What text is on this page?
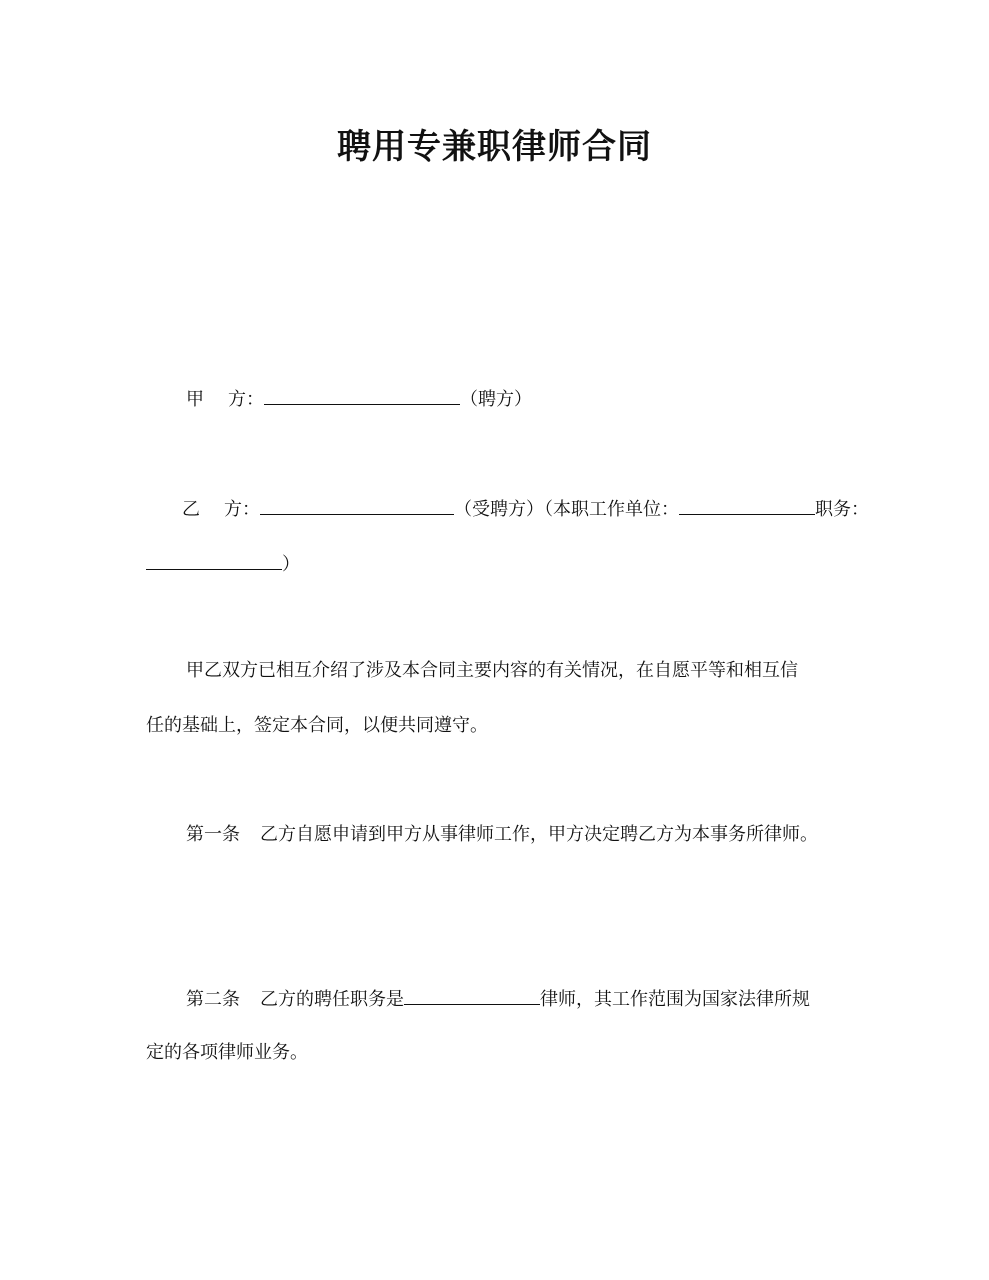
聘用专兼职律师合同
甲 方：	（聘方）
乙 方：	（受聘方）（本职工作单位：	职务：
）
甲乙双方已相互介绍了涉及本合同主要内容的有关情况，在自愿平等和相互信
任的基础上，签定本合同，以便共同遵守。
第一条 乙方自愿申请到甲方从事律师工作，甲方决定聘乙方为本事务所律师。
第二条 乙方的聘任职务是	律师，其工作范围为国家法律所规
定的各项律师业务。
